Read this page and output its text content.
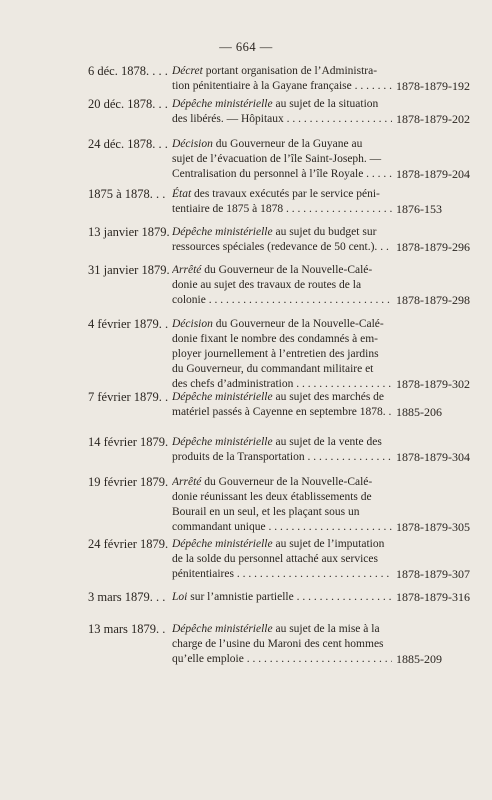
— 664 —
6 déc. 1878. . . . Décret portant organisation de l’Administra-
tion pénitentiaire à la Gayane française . . .	1878-1879-192
20 déc. 1878. . . Dépêche ministérielle au sujet de la situation
des libérés. — Hôpitaux . . .	1878-1879-202
24 déc. 1878. . . Décision du Gouverneur de la Guyane au
sujet de l’évacuation de l’île Saint-Joseph. —
Centralisation du personnel à l’île Royale . . .	1878-1879-204
1875 à 1878. . . État des travaux exécutés par le service péni-
tentiaire de 1875 à 1878 . . .	1876-153
13 janvier 1879. Dépêche ministérielle au sujet du budget sur
ressources spéciales (redevance de 50 cent.). . . .	1878-1879-296
31 janvier 1879. Arrêté du Gouverneur de la Nouvelle-Calé-
donie au sujet des travaux de routes de la
colonie . . .	1878-1879-298
4 février 1879. . Décision du Gouverneur de la Nouvelle-Calé-
donie fixant le nombre des condamnés à em-
ployer journellement à l’entretien des jardins
du Gouverneur, du commandant militaire et
des chefs d’administration . . .	1878-1879-302
7 février 1879. . Dépêche ministérielle au sujet des marchés de
matériel passés à Cayenne en septembre 1878. . . . 1885-206
14 février 1879. Dépêche ministérielle au sujet de la vente des
produits de la Transportation . . .	1878-1879-304
19 février 1879. Arrêté du Gouverneur de la Nouvelle-Calé-
donie réunissant les deux établissements de
Bourail en un seul, et les plaçant sous un
commandant unique . . .	1878-1879-305
24 février 1879. Dépêche ministérielle au sujet de l’imputation
de la solde du personnel attaché aux services
pénitentiaires . . .	1878-1879-307
3 mars 1879. . . Loi sur l’amnistie partielle . . .	1878-1879-316
13 mars 1879. . Dépêche ministérielle au sujet de la mise à la
charge de l’usine du Maroni des cent hommes
qu’elle emploie . . .	1885-209
